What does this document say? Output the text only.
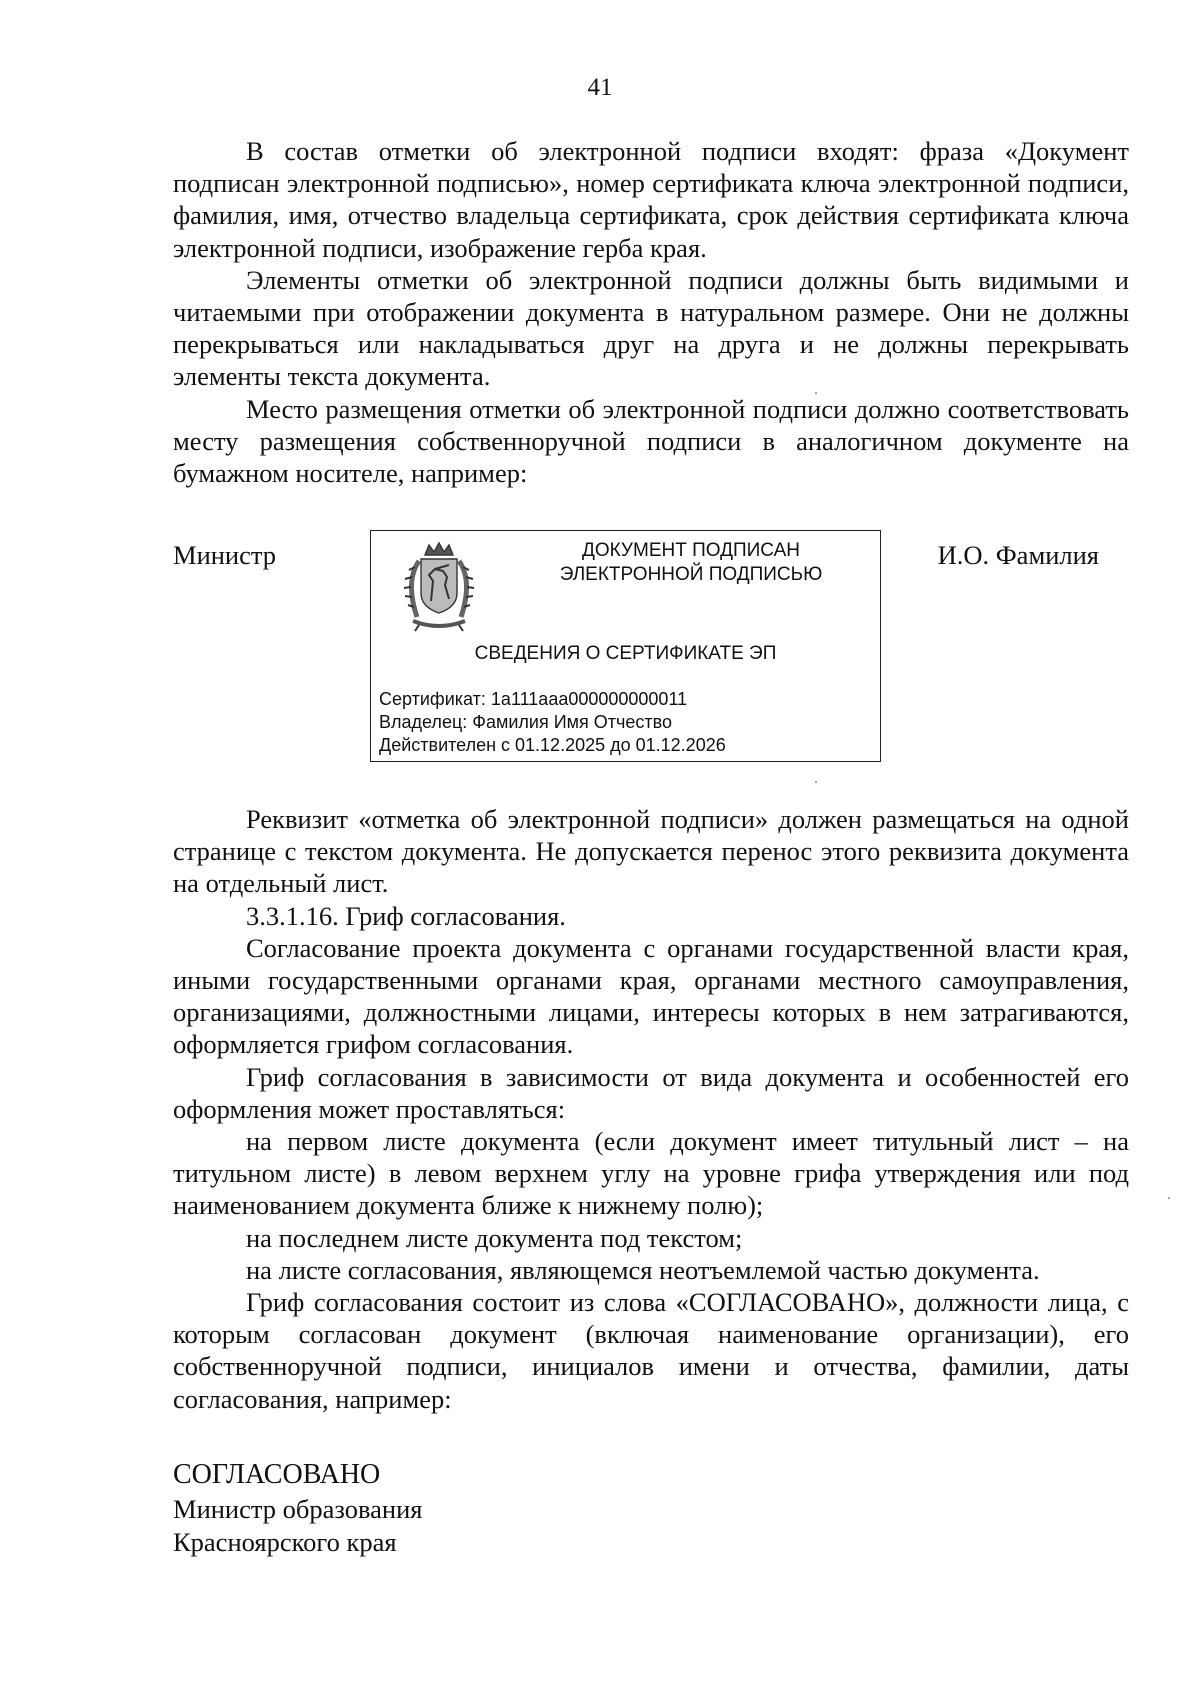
41

В состав отметки об электронной подписи входят: фраза «Документ подписан электронной подписью», номер сертификата ключа электронной подписи, фамилия, имя, отчество владельца сертификата, срок действия сертификата ключа электронной подписи, изображение герба края.

Элементы отметки об электронной подписи должны быть видимыми и читаемыми при отображении документа в натуральном размере. Они не должны перекрываться или накладываться друг на друга и не должны перекрывать элементы текста документа.

Место размещения отметки об электронной подписи должно соответствовать месту размещения собственноручной подписи в аналогичном документе на бумажном носителе, например:

Министр	ДОКУМЕНТ ПОДПИСАН
ЭЛЕКТРОННОЙ ПОДПИСЬЮ
СВЕДЕНИЯ О СЕРТИФИКАТЕ ЭП
Сертификат: 1а111ааа000000000011
Владелец: Фамилия Имя Отчество
Действителен с 01.12.2025 до 01.12.2026
И.О. Фамилия

Реквизит «отметка об электронной подписи» должен размещаться на одной странице с текстом документа. Не допускается перенос этого реквизита документа на отдельный лист.

3.3.1.16. Гриф согласования.

Согласование проекта документа с органами государственной власти края, иными государственными органами края, органами местного самоуправления, организациями, должностными лицами, интересы которых в нем затрагиваются, оформляется грифом согласования.

Гриф согласования в зависимости от вида документа и особенностей его оформления может проставляться:

на первом листе документа (если документ имеет титульный лист – на титульном листе) в левом верхнем углу на уровне грифа утверждения или под наименованием документа ближе к нижнему полю);

на последнем листе документа под текстом;

на листе согласования, являющемся неотъемлемой частью документа.

Гриф согласования состоит из слова «СОГЛАСОВАНО», должности лица, с которым согласован документ (включая наименование организации), его собственноручной подписи, инициалов имени и отчества, фамилии, даты согласования, например:

СОГЛАСОВАНО
Министр образования
Красноярского края
